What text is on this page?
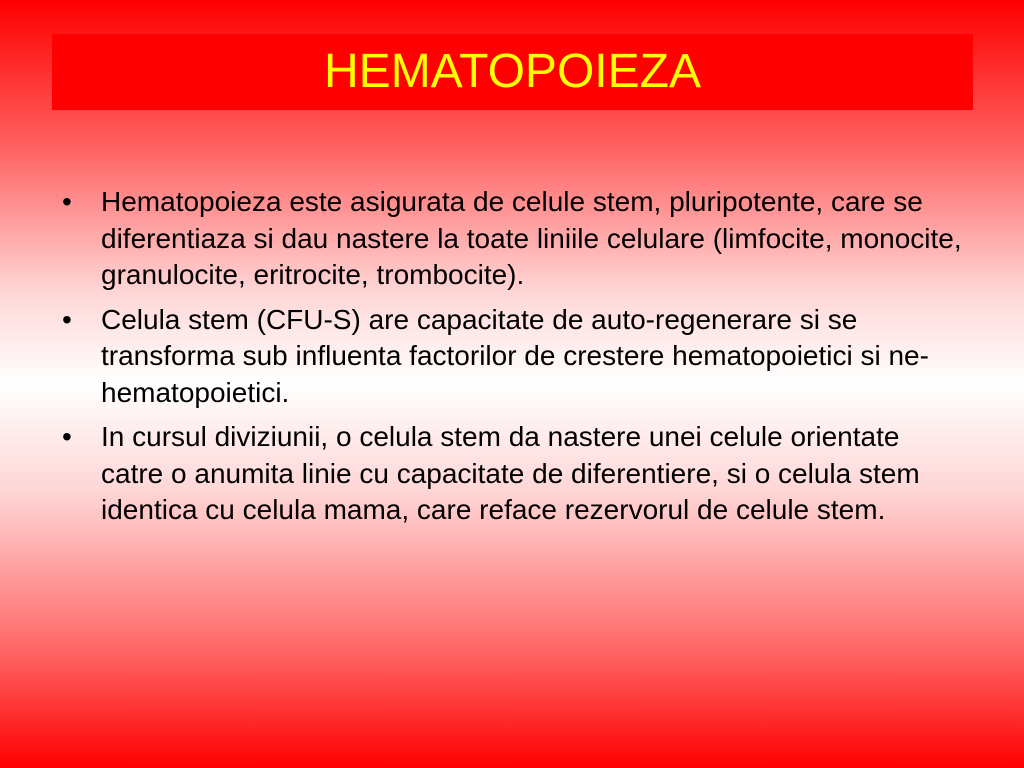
HEMATOPOIEZA
•	Hematopoieza este asigurata de celule stem, pluripotente, care se diferentiaza si dau nastere la toate liniile celulare (limfocite, monocite, granulocite, eritrocite, trombocite).
•	Celula stem (CFU-S) are capacitate de auto-regenerare si se transforma sub influenta factorilor de crestere hematopoietici si ne-hematopoietici.
•	In cursul diviziunii, o celula stem da nastere unei celule orientate catre o anumita linie cu capacitate de diferentiere, si o celula stem identica cu celula mama, care reface rezervorul de celule stem.
